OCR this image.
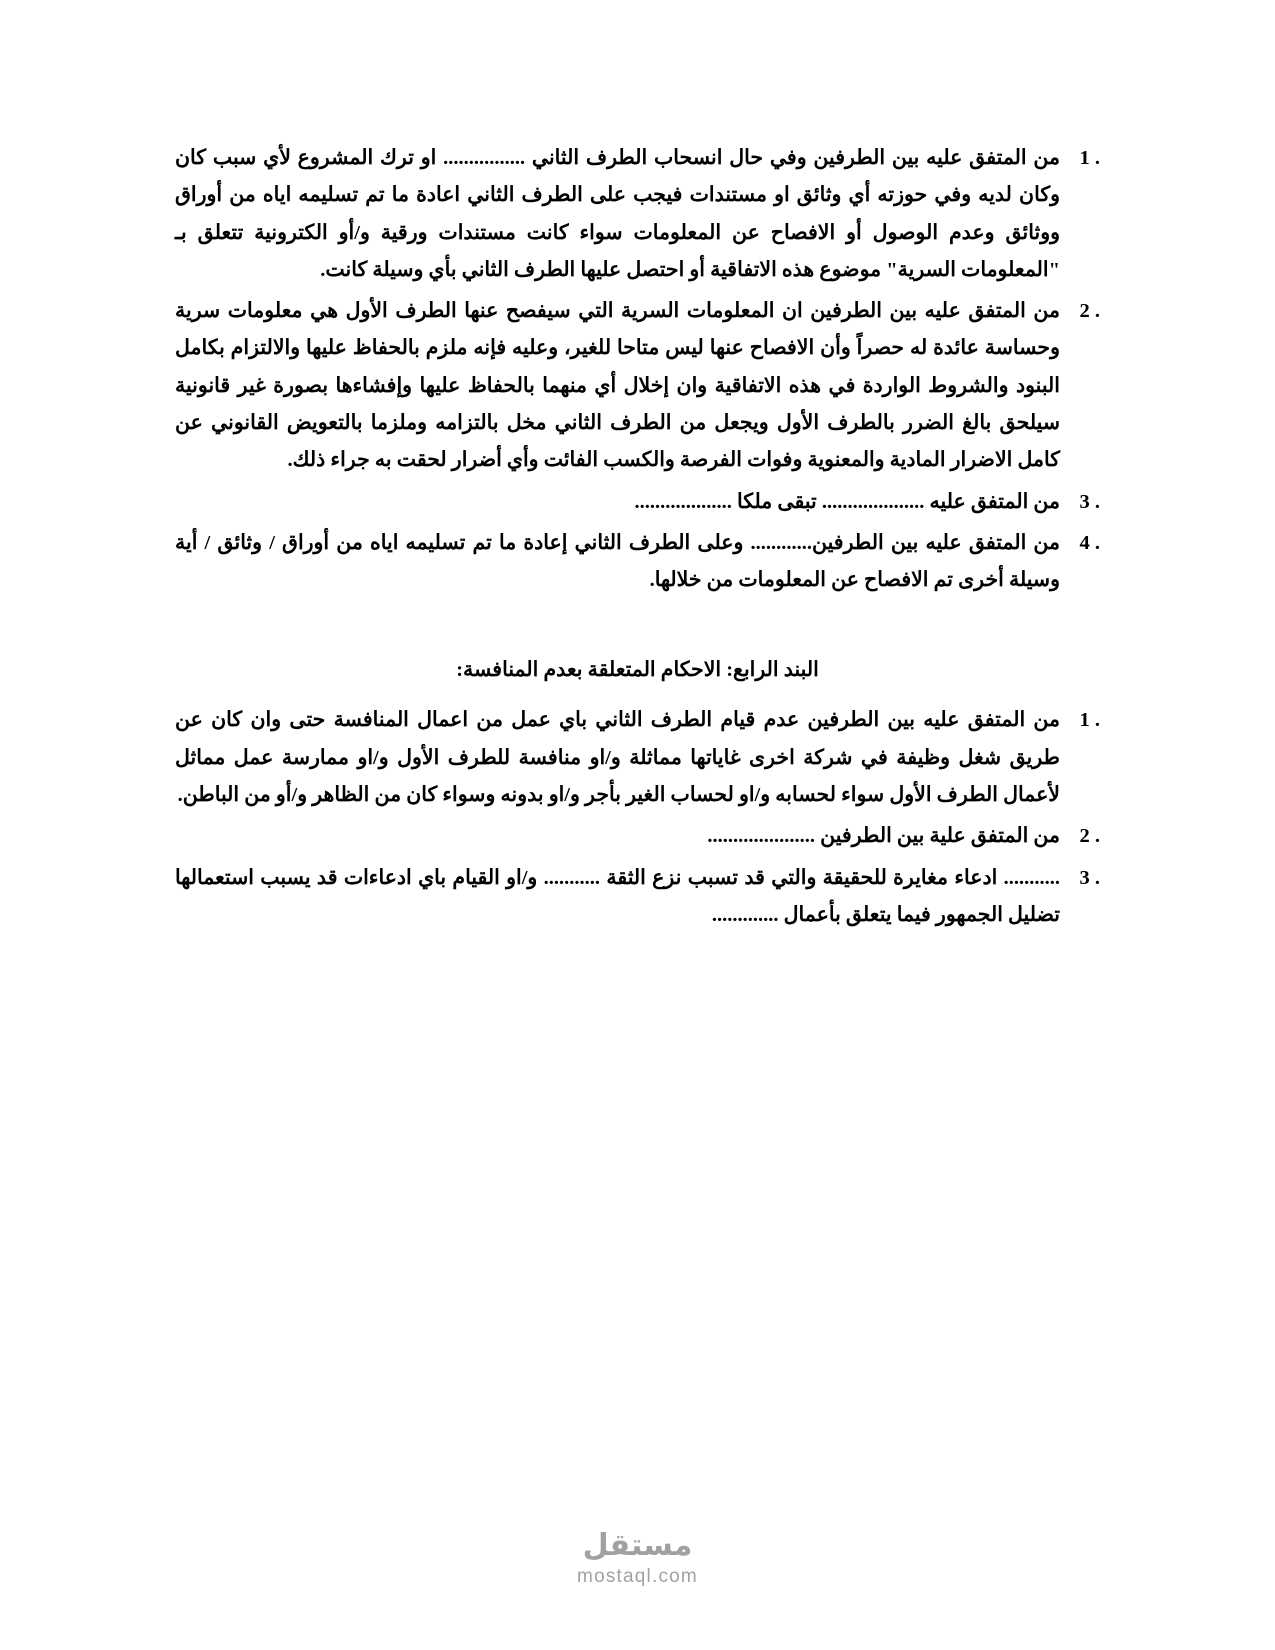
من المتفق عليه بين الطرفين وفي حال انسحاب الطرف الثاني ................ او ترك المشروع لأي سبب كان وكان لديه وفي حوزته أي وثائق او مستندات فيجب على الطرف الثاني اعادة ما تم تسليمه اياه من أوراق ووثائق وعدم الوصول أو الافصاح عن المعلومات سواء كانت مستندات ورقية و/أو الكترونية تتعلق بـ "المعلومات السرية" موضوع هذه الاتفاقية أو احتصل عليها الطرف الثاني بأي وسيلة كانت.
من المتفق عليه بين الطرفين ان المعلومات السرية التي سيفصح عنها الطرف الأول هي معلومات سرية وحساسة عائدة له حصراً وأن الافصاح عنها ليس متاحا للغير، وعليه فإنه ملزم بالحفاظ عليها والالتزام بكامل البنود والشروط الواردة في هذه الاتفاقية وان إخلال أي منهما بالحفاظ عليها وإفشاءها بصورة غير قانونية سيلحق بالغ الضرر بالطرف الأول ويجعل من الطرف الثاني مخل بالتزامه وملزما بالتعويض القانوني عن كامل الاضرار المادية والمعنوية وفوات الفرصة والكسب الفائت وأي أضرار لحقت به جراء ذلك.
من المتفق عليه .................... تبقى ملكا ...................
من المتفق عليه بين الطرفين............ وعلى الطرف الثاني إعادة ما تم تسليمه اياه من أوراق / وثائق / أية وسيلة أخرى تم الافصاح عن المعلومات من خلالها.
البند الرابع: الاحكام المتعلقة بعدم المنافسة:
من المتفق عليه بين الطرفين عدم قيام الطرف الثاني باي عمل من اعمال المنافسة حتى وان كان عن طريق شغل وظيفة في شركة اخرى غاياتها مماثلة و/او منافسة للطرف الأول و/او ممارسة عمل مماثل لأعمال الطرف الأول سواء لحسابه و/او لحساب الغير بأجر و/او بدونه وسواء كان من الظاهر و/أو من الباطن.
من المتفق علية بين الطرفين .....................
........... ادعاء مغايرة للحقيقة والتي قد تسبب نزع الثقة ........... و/او القيام باي ادعاءات قد يسبب استعمالها تضليل الجمهور فيما يتعلق بأعمال .............
مستقل
mostaql.com
